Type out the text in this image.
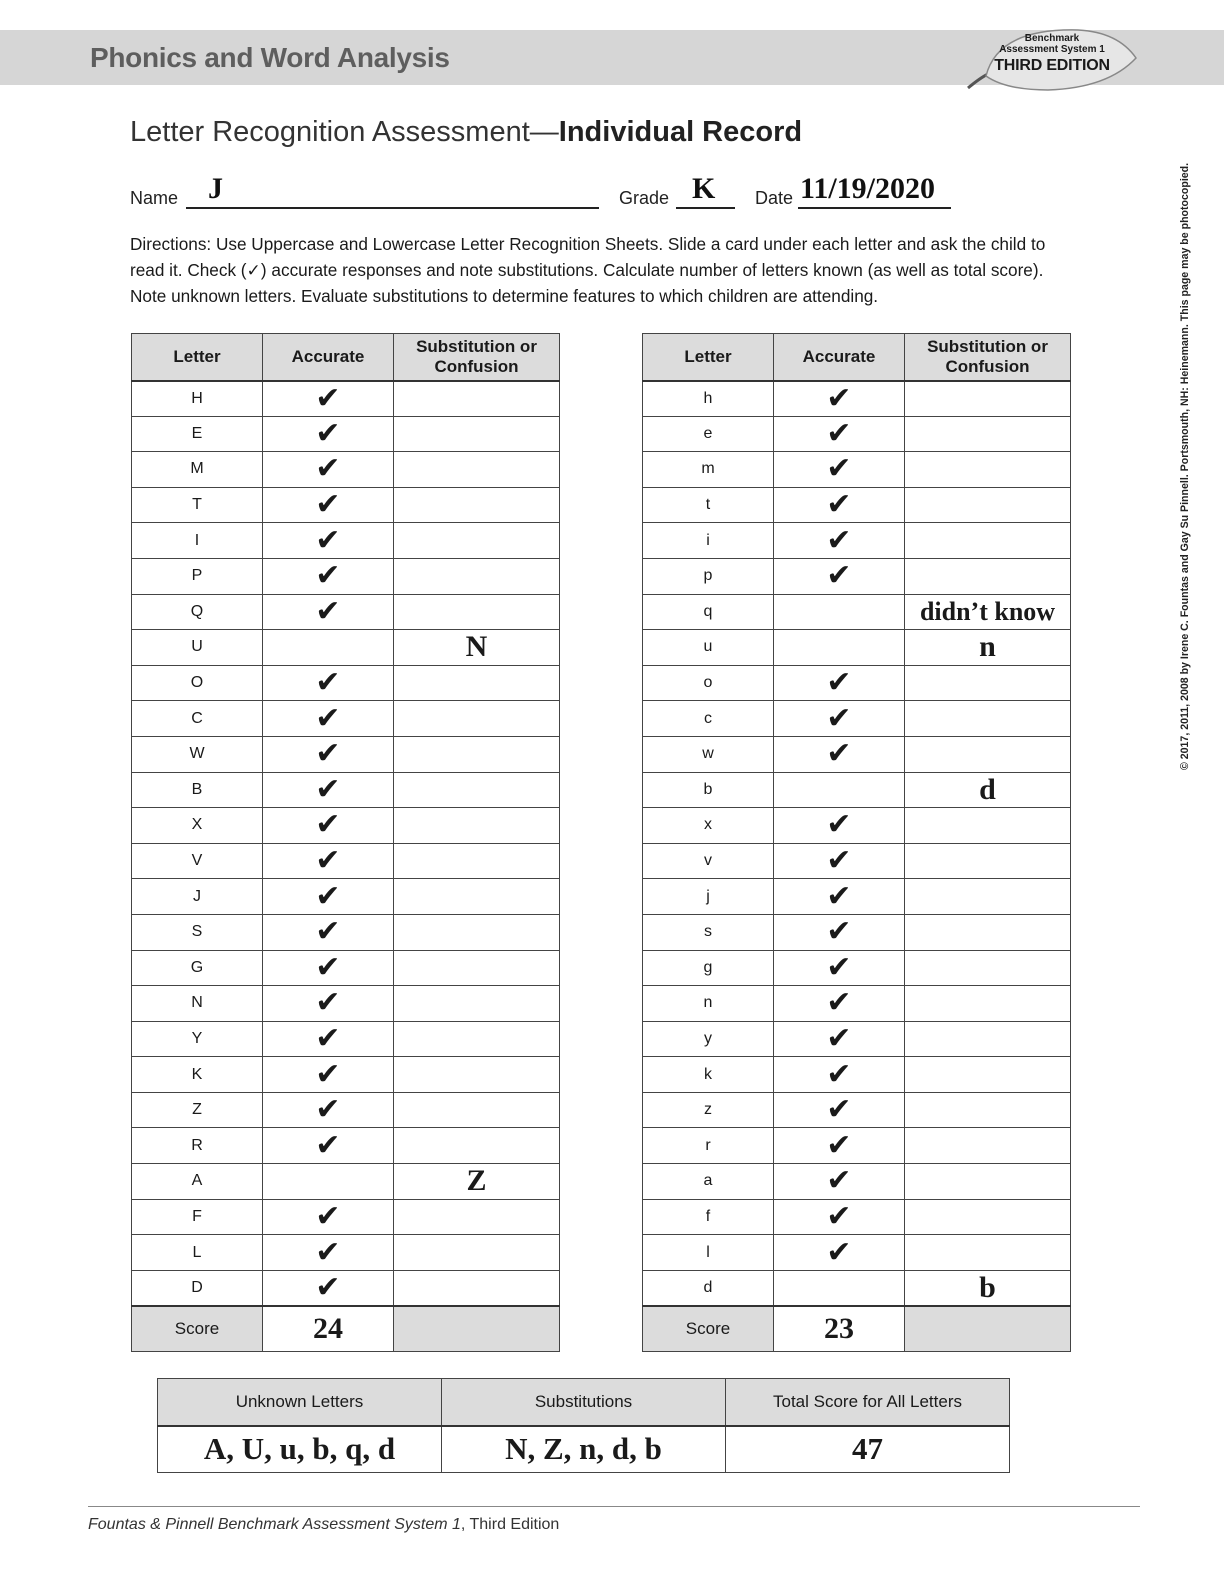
Phonics and Word Analysis
Benchmark
Assessment System 1
THIRD EDITION
© 2017, 2011, 2008 by Irene C. Fountas and Gay Su Pinnell. Portsmouth, NH: Heinemann. This page may be photocopied.
Letter Recognition Assessment—Individual Record
Name J	Grade K Date 11/19/2020
Directions: Use Uppercase and Lowercase Letter Recognition Sheets. Slide a card under each letter and ask the child to read it. Check (✓) accurate responses and note substitutions. Calculate number of letters known (as well as total score). Note unknown letters. Evaluate substitutions to determine features to which children are attending.
Letter	Accurate	Substitution or Confusion
H	✔	
E	✔	
M	✔	
T	✔	
I	✔	
P	✔	
Q	✔	
U		N
O	✔	
C	✔	
W	✔	
B	✔	
X	✔	
V	✔	
J	✔	
S	✔	
G	✔	
N	✔	
Y	✔	
K	✔	
Z	✔	
R	✔	
A		Z
F	✔	
L	✔	
D	✔	
Score	24	
Letter	Accurate	Substitution or Confusion
h	✔	
e	✔	
m	✔	
t	✔	
i	✔	
p	✔	
q		didn’t know
u		n
o	✔	
c	✔	
w	✔	
b		d
x	✔	
v	✔	
j	✔	
s	✔	
g	✔	
n	✔	
y	✔	
k	✔	
z	✔	
r	✔	
a	✔	
f	✔	
l	✔	
d		b
Score	23	
Unknown Letters	Substitutions	Total Score for All Letters
A, U, u, b, q, d	N, Z, n, d, b	47
Fountas & Pinnell Benchmark Assessment System 1, Third Edition
